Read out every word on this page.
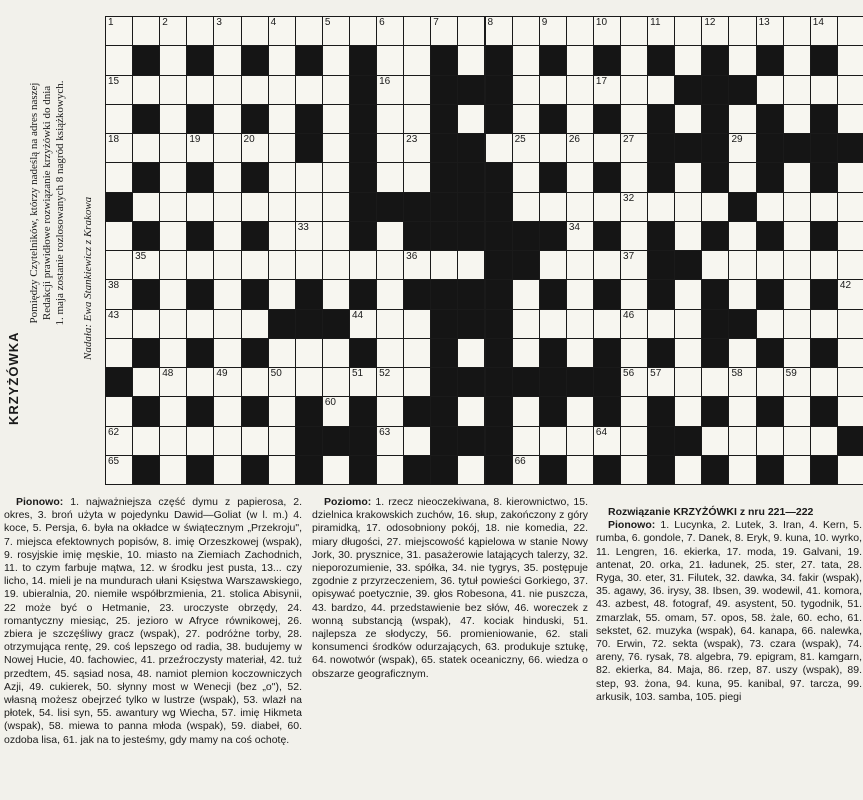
KRZYŻÓWKA
Pomiędzy Czytelników, którzy nadeślą na adres naszej Redakcji prawidłowe rozwiązanie krzyżówki do dnia 1. maja zostanie rozlosowanych 8 nagród książkowych. Nadała: Ewa Stankiewicz z Krakowa
1	2	3	4	5	6	7	8	9	10	11	12	13	14
15	16	17
18	19	20	23	25	26	27	29
32
33	34
35	36	37
38	42
43	44	46
48	49	50	51 52	56 57	58	59
60
62	63	64
65	66

Pionowo: 1. najważniejsza część dymu z papierosa, 2. okres, 3. broń użyta w pojedynku Dawid—Goliat (w l. m.) 4. koce, 5. Persja, 6. była na okładce w świątecznym „Przekroju", 7. miejsca efektownych popisów, 8. imię Orzeszkowej (wspak), 9. rosyjskie imię męskie, 10. miasto na Ziemiach Zachodnich, 11. to czym farbuje mątwa, 12. w środku jest pusta, 13... czy licho, 14. mieli je na mundurach ułani Księstwa Warszawskiego, 19. ubieralnia, 20. niemiłe współbrzmienia, 21. stolica Abisynii, 22 może być o Hetmanie, 23. uroczyste obrzędy, 24. romantyczny miesiąc, 25. jezioro w Afryce równikowej, 26. zbiera je szczęśliwy gracz (wspak), 27. podróżne torby, 28. otrzymująca rentę, 29. coś lepszego od radia, 38. budujemy w Nowej Hucie, 40. fachowiec, 41. przeźroczysty materiał, 42. tuż przedtem, 45. sąsiad nosa, 48. namiot plemion koczowniczych Azji, 49. cukierek, 50. słynny most w Wenecji (bez „o"), 52. własną możesz obejrzeć tylko w lustrze (wspak), 53. wlazł na płotek, 54. lisi syn, 55. awantury wg Wiecha, 57. imię Hikmeta (wspak), 58. miewa to panna młoda (wspak), 59. diabeł, 60. ozdoba lisa, 61. jak na to jesteśmy, gdy mamy na coś ochotę.

Poziomo: 1. rzecz nieoczekiwana, 8. kierownictwo, 15. dzielnica krakowskich zuchów, 16. słup, zakończony z góry piramidką, 17. odosobniony pokój, 18. nie komedia, 22. miary długości, 27. miejscowość kąpielowa w stanie Nowy Jork, 30. prysznice, 31. pasażerowie latających talerzy, 32. nieporozumienie, 33. spółka, 34. nie tygrys, 35. postępuje zgodnie z przyrzeczeniem, 36. tytuł powieści Gorkiego, 37. opisywać poetycznie, 39. głos Robesona, 41. nie puszcza, 43. bardzo, 44. przedstawienie bez słów, 46. woreczek z wonną substancją (wspak), 47. kociak hinduski, 51. najlepsza ze słodyczy, 56. promieniowanie, 62. stali konsumenci środków odurzających, 63. produkuje sztukę, 64. nowotwór (wspak), 65. statek oceaniczny, 66. wiedza o obszarze geograficznym.

Rozwiązanie KRZYŻÓWKI z nru 221—222

Pionowo: 1. Lucynka, 2. Lutek, 3. Iran, 4. Kern, 5. rumba, 6. gondole, 7. Danek, 8. Eryk, 9. kuna, 10. wyrko, 11. Lengren, 16. ekierka, 17. moda, 19. Galvani, 19. antenat, 20. orka, 21. ładunek, 25. ster, 27. tata, 28. Ryga, 30. eter, 31. Filutek, 32. dawka, 34. fakir (wspak), 35. agawy, 36. irysy, 38. Ibsen, 39. wodewil, 41. komora, 43. azbest, 48. fotograf, 49. asystent, 50. tygodnik, 51. zmarzlak, 55. omam, 57. opos, 58. żale, 60. echo, 61. sekstet, 62. muzyka (wspak), 64. kanapa, 66. nalewka, 70. Erwin, 72. sekta (wspak), 73. czara (wspak), 74. areny, 76. rysak, 78. algebra, 79. epigram, 81. kamgarn, 82. ekierka, 84. Maja, 86. rzep, 87. uszy (wspak), 89. step, 93. żona, 94. kuna, 95. kanibal, 97. tarcza, 99. arkusik, 103. samba, 105. piegi
